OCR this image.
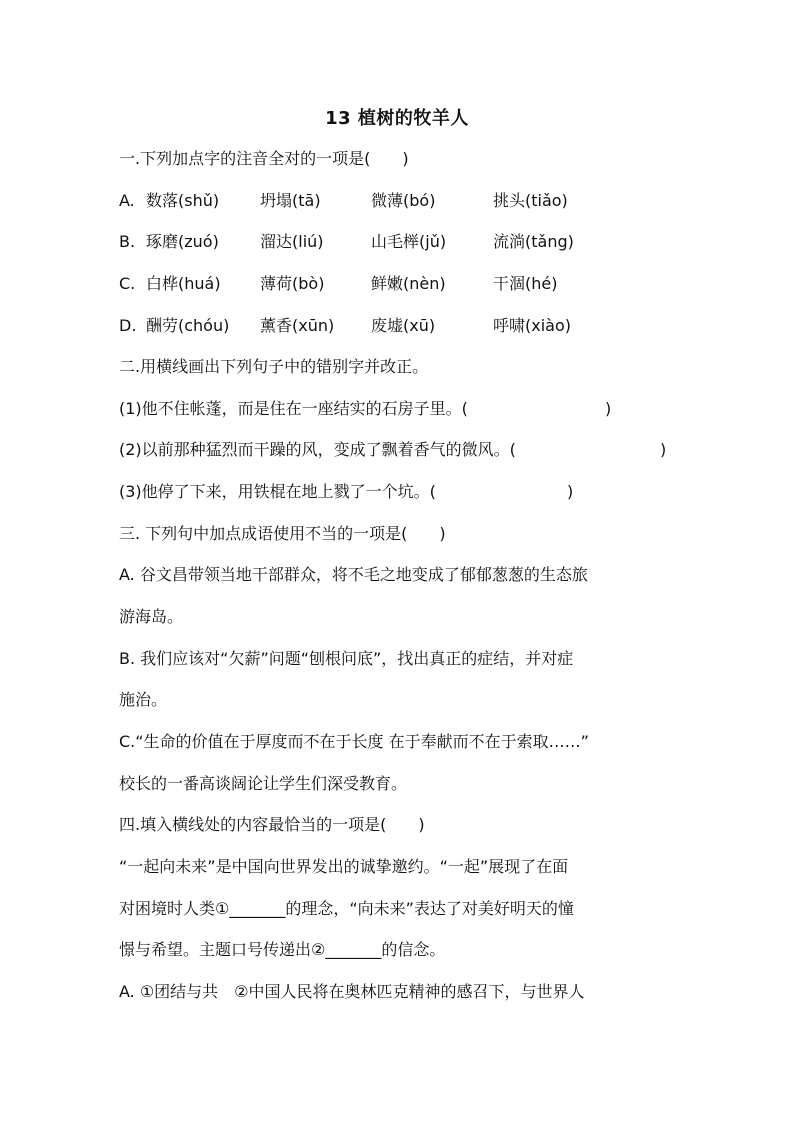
13 植树的牧羊人
一.下列加点字的注音全对的一项是(　　)
A. 数落(shǔ)	坍塌(tā)	微薄(bó)	挑头(tiǎo)
B. 琢磨(zuó)	溜达(liú)	山毛榉(jǔ)	流淌(tǎng)
C. 白桦(huá) 薄荷(bò)	鲜嫩(nèn)	干涸(hé)
D. 酬劳(chóu) 薰香(xūn) 废墟(xū)	呼啸(xiào)
二.用横线画出下列句子中的错别字并改正。
(1)他不住帐蓬，而是住在一座结实的石房子里。(	)
(2)以前那种猛烈而干躁的风，变成了飘着香气的微风。(	)
(3)他停了下来，用铁棍在地上戮了一个坑。(	)
三. 下列句中加点成语使用不当的一项是(　　)
A. 谷文昌带领当地干部群众，将不毛之地变成了郁郁葱葱的生态旅
游海岛。
B. 我们应该对“欠薪”问题“刨根问底”，找出真正的症结，并对症
施治。
C.“生命的价值在于厚度而不在于长度 在于奉献而不在于索取……”
校长的一番高谈阔论让学生们深受教育。
四.填入横线处的内容最恰当的一项是(　　)
“一起向未来”是中国向世界发出的诚挚邀约。“一起”展现了在面
对困境时人类①_______的理念，“向未来”表达了对美好明天的憧
憬与希望。主题口号传递出②_______的信念。
A. ①团结与共　②中国人民将在奥林匹克精神的感召下，与世界人
